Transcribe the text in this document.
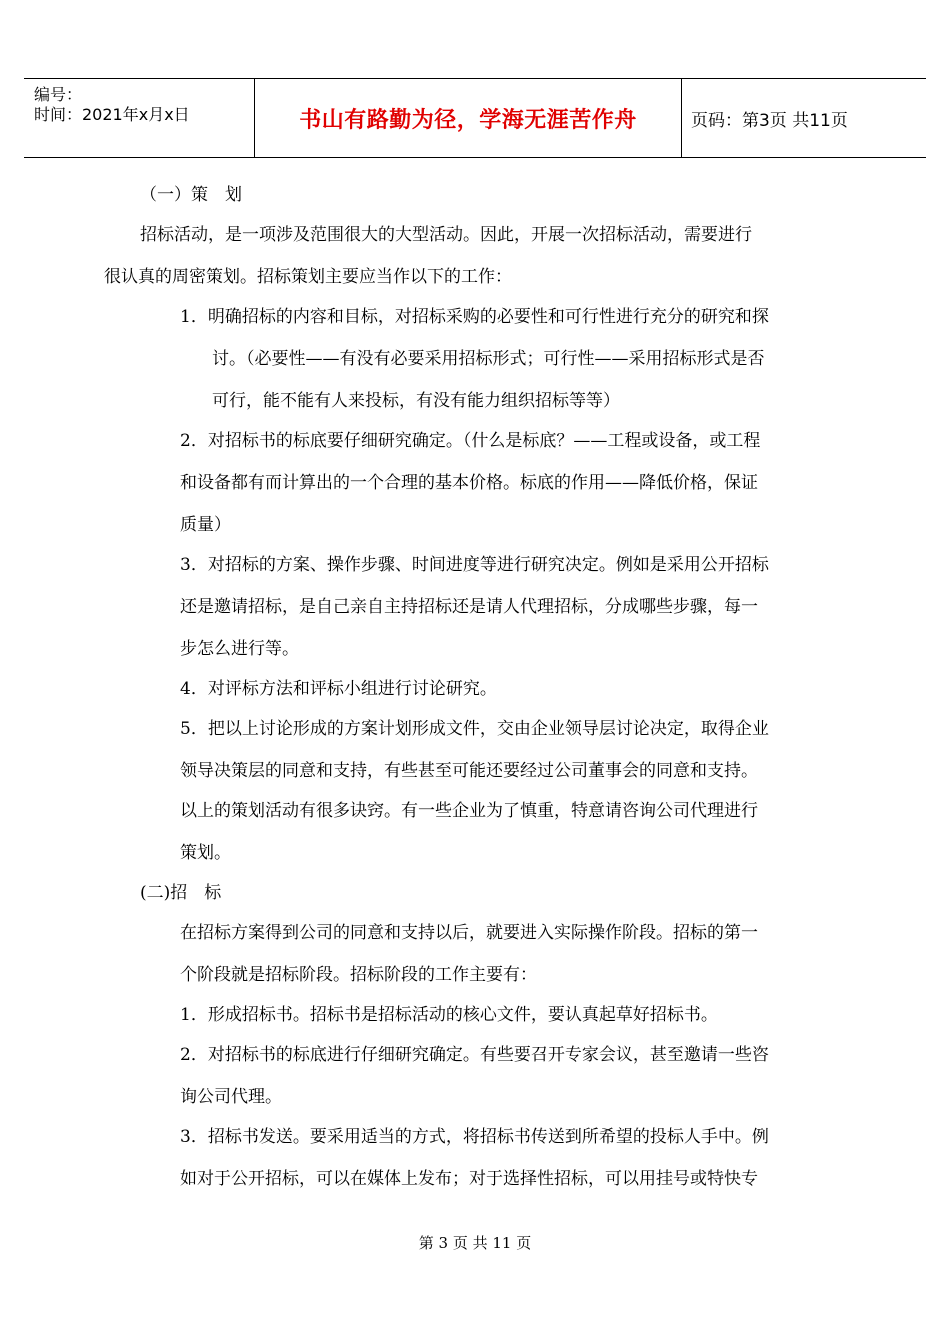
编号：
时间：2021年x月x日	书山有路勤为径，学海无涯苦作舟	页码：第3页 共11页
（一）策　划
招标活动，是一项涉及范围很大的大型活动。因此，开展一次招标活动，需要进行
很认真的周密策划。招标策划主要应当作以下的工作：
1．明确招标的内容和目标，对招标采购的必要性和可行性进行充分的研究和探
讨。（必要性——有没有必要采用招标形式；可行性——采用招标形式是否
可行，能不能有人来投标，有没有能力组织招标等等）
2．对招标书的标底要仔细研究确定。（什么是标底？——工程或设备，或工程
和设备都有而计算出的一个合理的基本价格。标底的作用——降低价格，保证
质量）
3．对招标的方案、操作步骤、时间进度等进行研究决定。例如是采用公开招标
还是邀请招标，是自己亲自主持招标还是请人代理招标，分成哪些步骤，每一
步怎么进行等。
4．对评标方法和评标小组进行讨论研究。
5．把以上讨论形成的方案计划形成文件，交由企业领导层讨论决定，取得企业
领导决策层的同意和支持，有些甚至可能还要经过公司董事会的同意和支持。
以上的策划活动有很多诀窍。有一些企业为了慎重，特意请咨询公司代理进行
策划。
(二)招　标
在招标方案得到公司的同意和支持以后，就要进入实际操作阶段。招标的第一
个阶段就是招标阶段。招标阶段的工作主要有：
1．形成招标书。招标书是招标活动的核心文件，要认真起草好招标书。
2．对招标书的标底进行仔细研究确定。有些要召开专家会议，甚至邀请一些咨
询公司代理。
3．招标书发送。要采用适当的方式，将招标书传送到所希望的投标人手中。例
如对于公开招标，可以在媒体上发布；对于选择性招标，可以用挂号或特快专
第 3 页 共 11 页
